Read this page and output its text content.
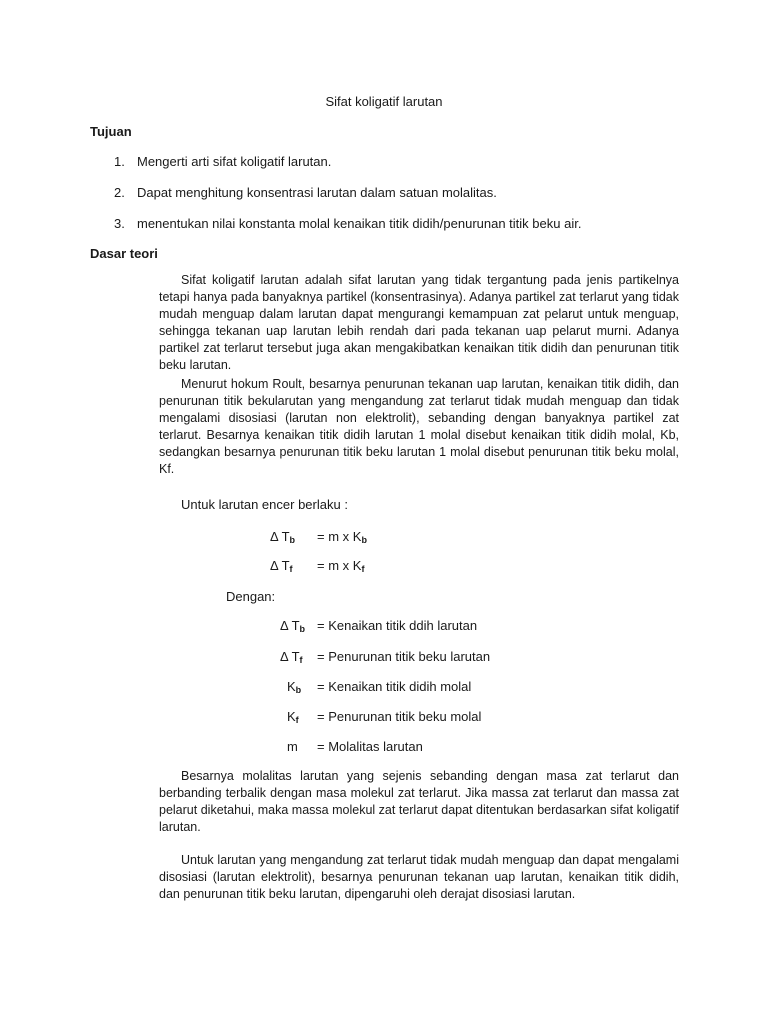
Sifat koligatif larutan
Tujuan
1. Mengerti arti sifat koligatif larutan.
2. Dapat menghitung konsentrasi larutan dalam satuan molalitas.
3. menentukan nilai konstanta molal kenaikan titik didih/penurunan titik beku air.
Dasar teori
Sifat koligatif larutan adalah sifat larutan yang tidak tergantung pada jenis partikelnya tetapi hanya pada banyaknya partikel (konsentrasinya). Adanya partikel zat terlarut yang tidak mudah menguap dalam larutan dapat mengurangi kemampuan zat pelarut untuk menguap, sehingga tekanan uap larutan lebih rendah dari pada tekanan uap pelarut murni. Adanya partikel zat terlarut tersebut juga akan mengakibatkan kenaikan titik didih dan penurunan titik beku larutan.
Menurut hokum Roult, besarnya penurunan tekanan uap larutan, kenaikan titik didih, dan penurunan titik bekularutan yang mengandung zat terlarut tidak mudah menguap dan tidak mengalami disosiasi (larutan non elektrolit), sebanding dengan banyaknya partikel zat terlarut. Besarnya kenaikan titik didih larutan 1 molal disebut kenaikan titik didih molal, Kb, sedangkan besarnya penurunan titik beku larutan 1 molal disebut penurunan titik beku molal, Kf.
Untuk larutan encer berlaku :
Δ $T_b = m$ x $K_b$
Δ $T_f = m$ x $K_f$
Dengan:
Δ $T_b$ = Kenaikan titik ddih larutan
Δ $T_f$ = Penurunan titik beku larutan
$K_b$ = Kenaikan titik didih molal
$K_f$ = Penurunan titik beku molal
m = Molalitas larutan
Besarnya molalitas larutan yang sejenis sebanding dengan masa zat terlarut dan berbanding terbalik dengan masa molekul zat terlarut. Jika massa zat terlarut dan massa zat pelarut diketahui, maka massa molekul zat terlarut dapat ditentukan berdasarkan sifat koligatif larutan.
Untuk larutan yang mengandung zat terlarut tidak mudah menguap dan dapat mengalami disosiasi (larutan elektrolit), besarnya penurunan tekanan uap larutan, kenaikan titik didih, dan penurunan titik beku larutan, dipengaruhi oleh derajat disosiasi larutan.
